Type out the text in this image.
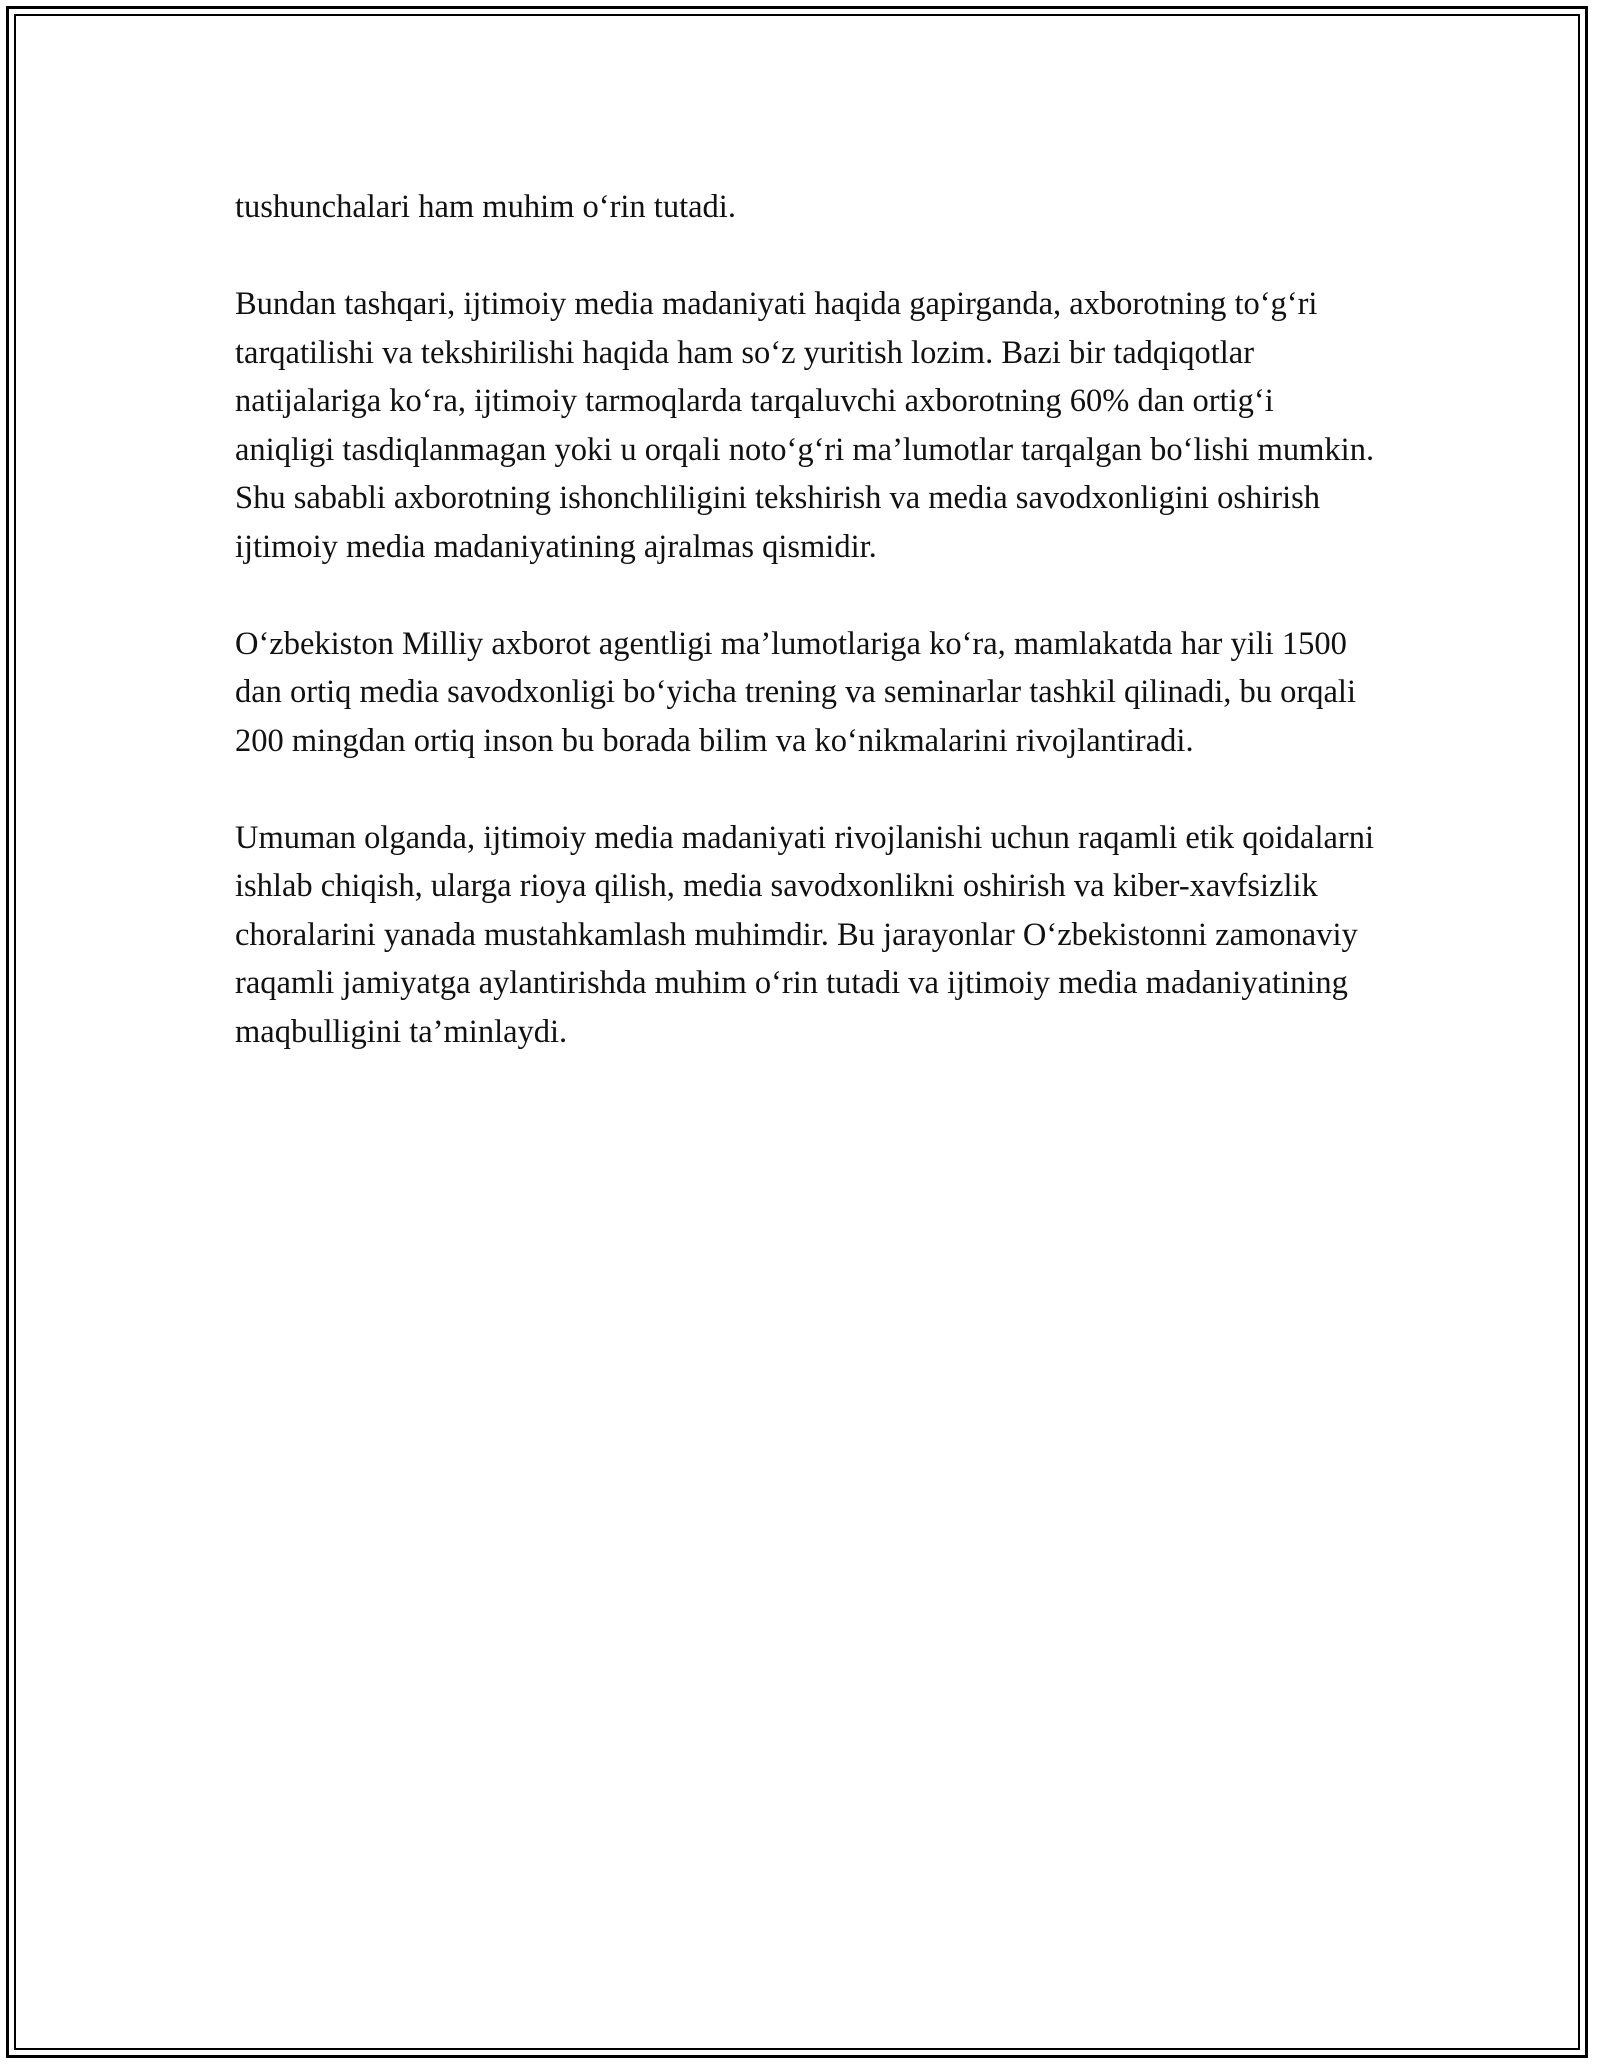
tushunchalari ham muhim o‘rin tutadi.

Bundan tashqari, ijtimoiy media madaniyati haqida gapirganda, axborotning to‘g‘ri tarqatilishi va tekshirilishi haqida ham so‘z yuritish lozim. Bazi bir tadqiqotlar natijalariga ko‘ra, ijtimoiy tarmoqlarda tarqaluvchi axborotning 60% dan ortig‘i aniqligi tasdiqlanmagan yoki u orqali noto‘g‘ri ma’lumotlar tarqalgan bo‘lishi mumkin. Shu sababli axborotning ishonchliligini tekshirish va media savodxonligini oshirish ijtimoiy media madaniyatining ajralmas qismidir.

O‘zbekiston Milliy axborot agentligi ma’lumotlariga ko‘ra, mamlakatda har yili 1500 dan ortiq media savodxonligi bo‘yicha trening va seminarlar tashkil qilinadi, bu orqali 200 mingdan ortiq inson bu borada bilim va ko‘nikmalarini rivojlantiradi.

Umuman olganda, ijtimoiy media madaniyati rivojlanishi uchun raqamli etik qoidalarni ishlab chiqish, ularga rioya qilish, media savodxonlikni oshirish va kiber-xavfsizlik choralarini yanada mustahkamlash muhimdir. Bu jarayonlar O‘zbekistonni zamonaviy raqamli jamiyatga aylantirishda muhim o‘rin tutadi va ijtimoiy media madaniyatining maqbulligini ta’minlaydi.
